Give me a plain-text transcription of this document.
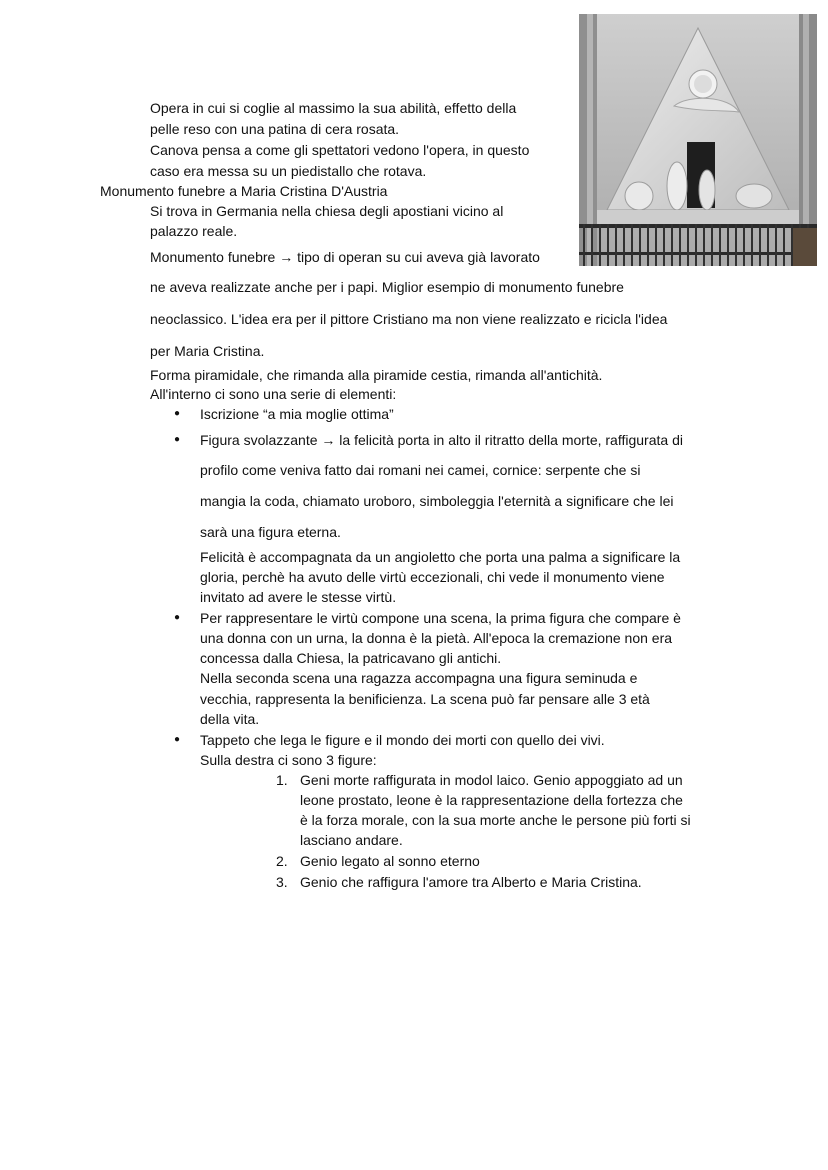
Opera in cui si coglie al massimo la sua abilità, effetto della
pelle reso con una patina di cera rosata.
Canova pensa a come gli spettatori vedono l'opera, in questo
caso era messa su un piedistallo che rotava.
Monumento funebre a Maria Cristina D'Austria
Si trova in Germania nella chiesa degli apostiani vicino al
palazzo reale.
Monumento funebre → tipo di operan su cui aveva già lavorato
ne aveva realizzate anche per i papi. Miglior esempio di monumento funebre
neoclassico. L'idea era per il pittore Cristiano ma non viene realizzato e ricicla l'idea
per Maria Cristina.
Forma piramidale, che rimanda alla piramide cestia, rimanda all'antichità.
All'interno ci sono una serie di elementi:
● Iscrizione “a mia moglie ottima”
● Figura svolazzante → la felicità porta in alto il ritratto della morte, raffigurata di
profilo come veniva fatto dai romani nei camei, cornice: serpente che si
mangia la coda, chiamato uroboro, simboleggia l'eternità a significare che lei
sarà una figura eterna.
Felicità è accompagnata da un angioletto che porta una palma a significare la
gloria, perchè ha avuto delle virtù eccezionali, chi vede il monumento viene
invitato ad avere le stesse virtù.
● Per rappresentare le virtù compone una scena, la prima figura che compare è
una donna con un urna, la donna è la pietà. All'epoca la cremazione non era
concessa dalla Chiesa, la patricavano gli antichi.
Nella seconda scena una ragazza accompagna una figura seminuda e
vecchia, rappresenta la benificienza. La scena può far pensare alle 3 età
della vita.
● Tappeto che lega le figure e il mondo dei morti con quello dei vivi.
Sulla destra ci sono 3 figure:
1. Geni morte raffigurata in modol laico. Genio appoggiato ad un
leone prostato, leone è la rappresentazione della fortezza che
è la forza morale, con la sua morte anche le persone più forti si
lasciano andare.
2. Genio legato al sonno eterno
3. Genio che raffigura l'amore tra Alberto e Maria Cristina.
